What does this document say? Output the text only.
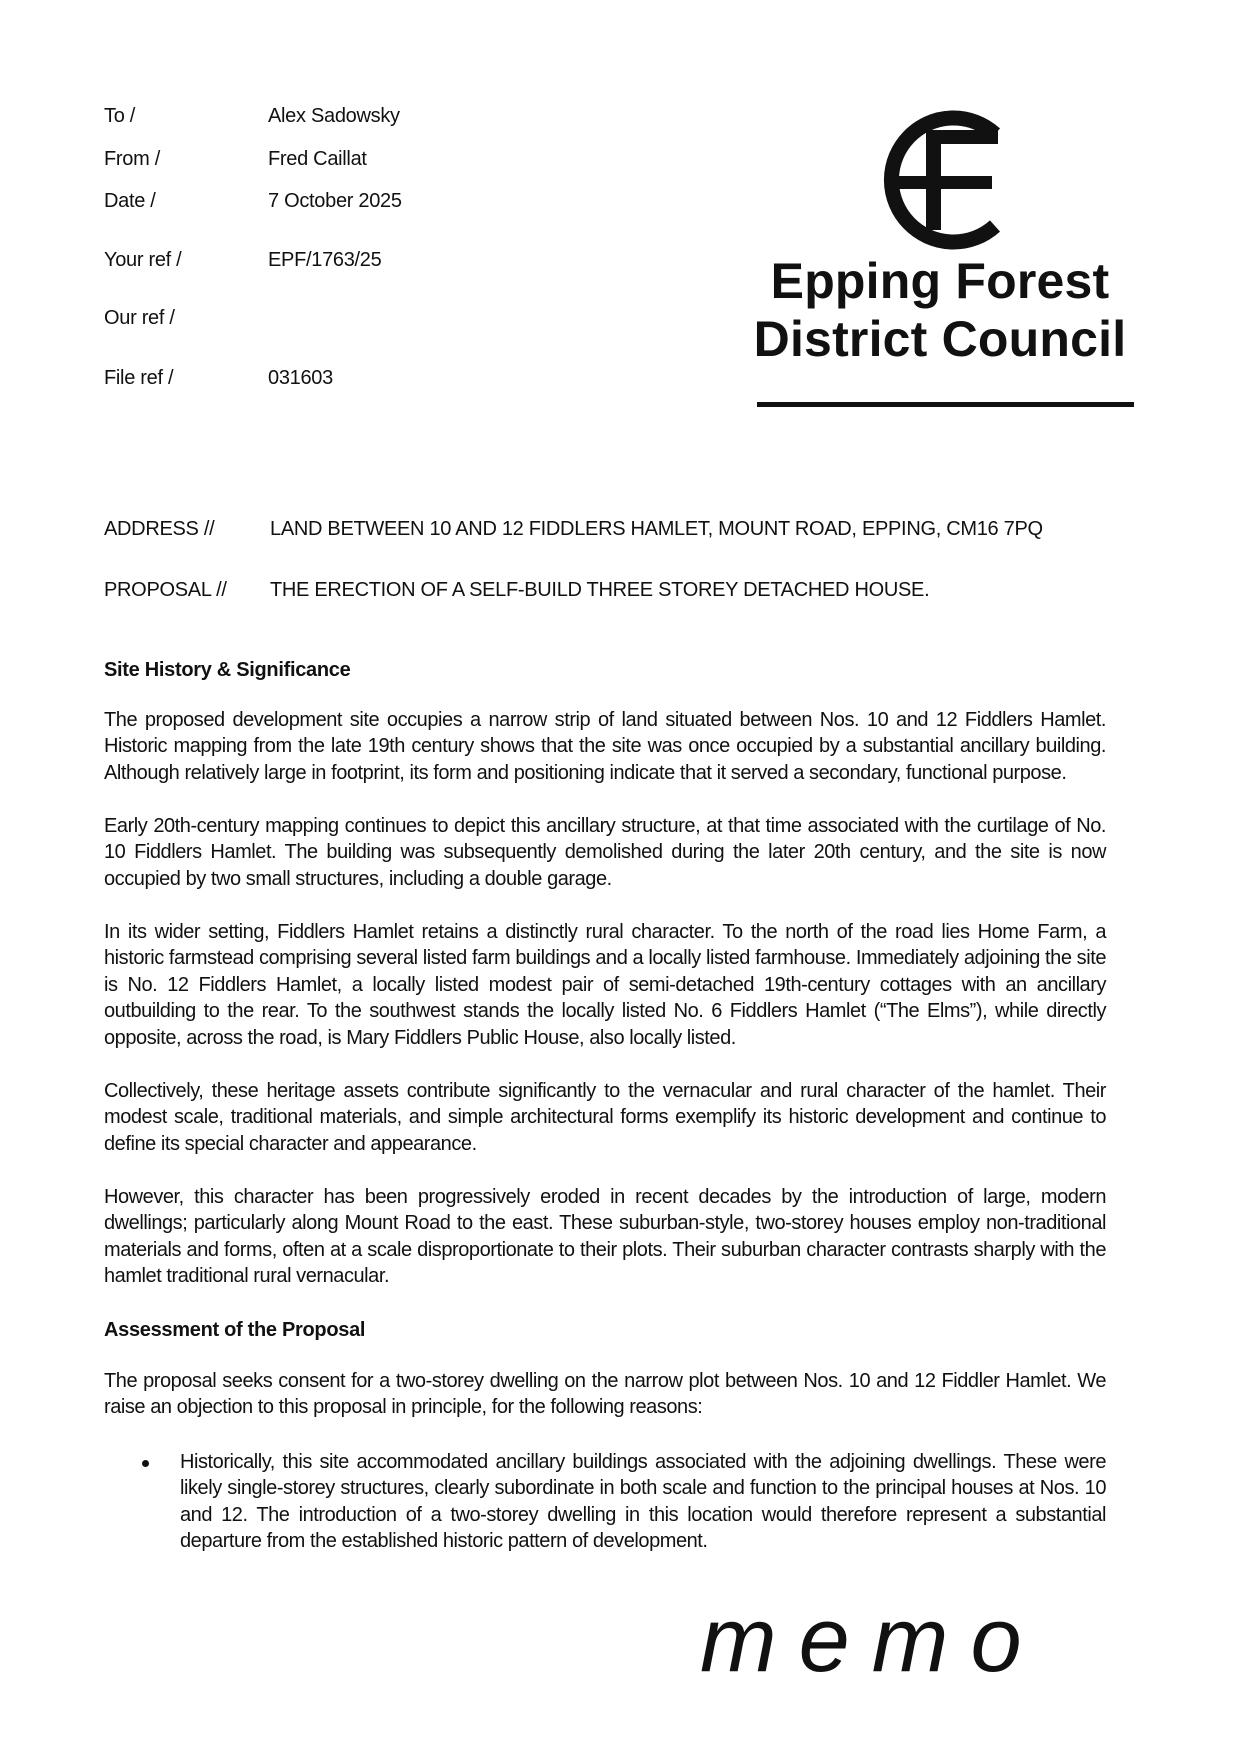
To /	Alex Sadowsky
From /	Fred Caillat
Date /	7 October 2025
Your ref /	EPF/1763/25
Our ref /
File ref /	031603
Epping Forest
District Council
ADDRESS //	LAND BETWEEN 10 AND 12 FIDDLERS HAMLET, MOUNT ROAD, EPPING, CM16 7PQ
PROPOSAL // THE ERECTION OF A SELF-BUILD THREE STOREY DETACHED HOUSE.
Site History & Significance

The proposed development site occupies a narrow strip of land situated between Nos. 10 and 12 Fiddlers Hamlet. Historic mapping from the late 19th century shows that the site was once occupied by a substantial ancillary building. Although relatively large in footprint, its form and positioning indicate that it served a secondary, functional purpose.

Early 20th-century mapping continues to depict this ancillary structure, at that time associated with the curtilage of No. 10 Fiddlers Hamlet. The building was subsequently demolished during the later 20th century, and the site is now occupied by two small structures, including a double garage.

In its wider setting, Fiddlers Hamlet retains a distinctly rural character. To the north of the road lies Home Farm, a historic farmstead comprising several listed farm buildings and a locally listed farmhouse. Immediately adjoining the site is No. 12 Fiddlers Hamlet, a locally listed modest pair of semi-detached 19th-century cottages with an ancillary outbuilding to the rear. To the southwest stands the locally listed No. 6 Fiddlers Hamlet (“The Elms”), while directly opposite, across the road, is Mary Fiddlers Public House, also locally listed.

Collectively, these heritage assets contribute significantly to the vernacular and rural character of the hamlet. Their modest scale, traditional materials, and simple architectural forms exemplify its historic development and continue to define its special character and appearance.

However, this character has been progressively eroded in recent decades by the introduction of large, modern dwellings; particularly along Mount Road to the east. These suburban-style, two-storey houses employ non-traditional materials and forms, often at a scale disproportionate to their plots. Their suburban character contrasts sharply with the hamlet traditional rural vernacular.

Assessment of the Proposal

The proposal seeks consent for a two-storey dwelling on the narrow plot between Nos. 10 and 12 Fiddler Hamlet. We raise an objection to this proposal in principle, for the following reasons:

Historically, this site accommodated ancillary buildings associated with the adjoining dwellings. These were likely single-storey structures, clearly subordinate in both scale and function to the principal houses at Nos. 10 and 12. The introduction of a two-storey dwelling in this location would therefore represent a substantial departure from the established historic pattern of development.
memo
